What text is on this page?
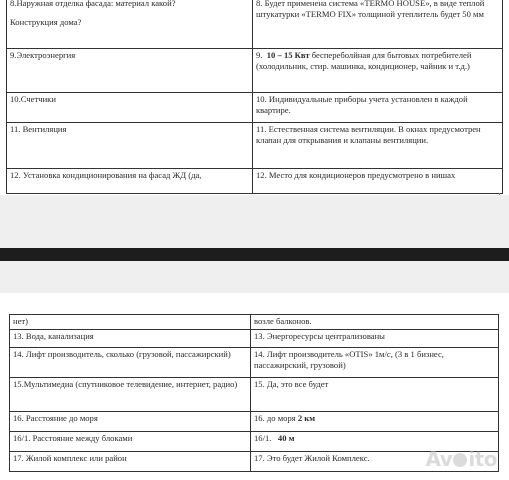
8.Наружная отделка фасада: материал какой?

Конструкция дома?	8. Будет применена система «TERMO HOUSE», в виде теплой штукатурки «TERMO FIX» толщиной утеплитель будет 50 мм

9.Электроэнергия	9. 10 – 15 Квт беспереболйная для бытовых потребителей (холодильник, стир. машинка, кондиционер, чайник и т.д.)
10.Счетчики	10. Индивидуальные приборы учета установлен в каждой квартире.
11. Вентиляция	11. Естественная система вентиляции. В окнах предусмотрен клапан для открывания и клапаны вентиляции.
12. Установка кондиционирования на фасад ЖД (да,	12. Место для кондиционеров предусмотрено в нишах
нет)	возле балконов.
13. Вода, канализация	13. Энергоресурсы централизованы
14. Лифт производитель, сколько (грузовой, пассажирский)	14. Лифт производитель «OTIS» 1м/с, (3 в 1 бизнес, пассажирский, грузовой)
15.Мультимедиа (спутниковое телевидение, интернет, радио)	15. Да, это все будет
16. Расстояние до моря	16. до моря 2 км
16/1. Расстояние между блоками	16/1. 40 м
17. Жилой комплекс или район	17. Это будет Жилой Комплекс.	Av ito
